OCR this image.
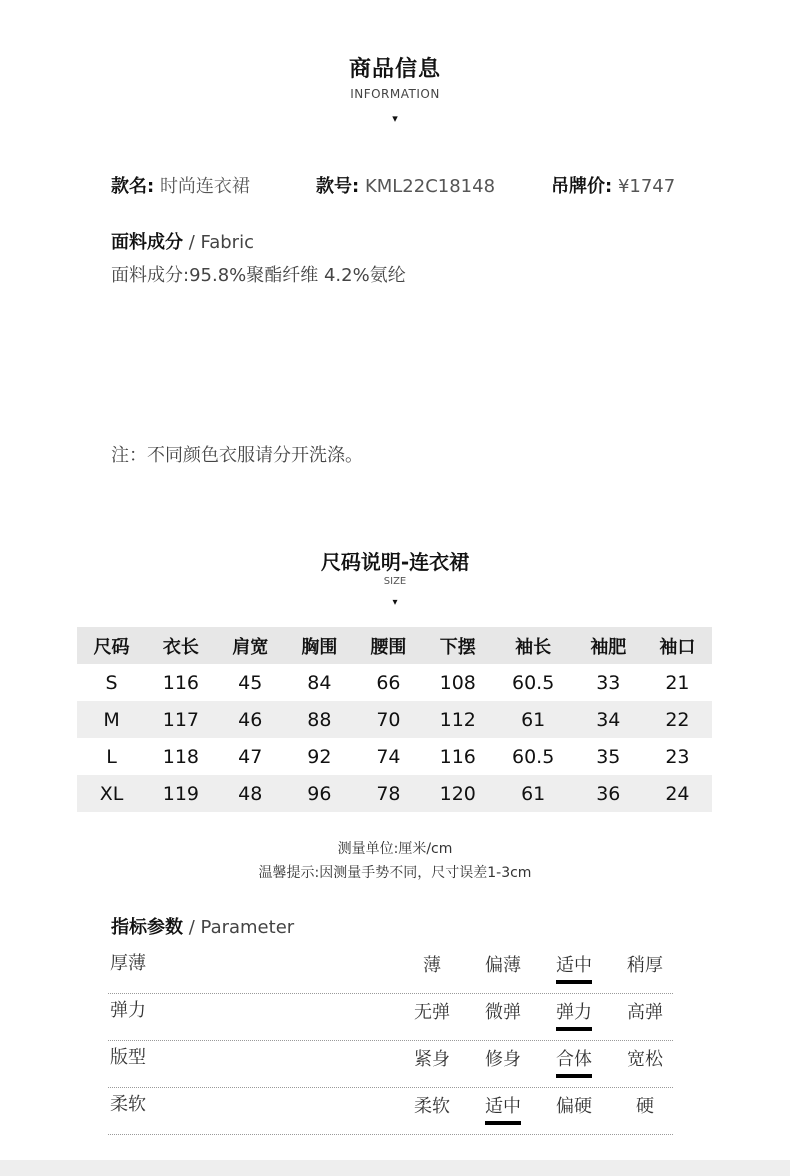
商品信息
INFORMATION
▾
款名: 时尚连衣裙	款号: KML22C18148	吊牌价: ¥1747
面料成分 / Fabric
面料成分:95.8%聚酯纤维 4.2%氨纶
注：不同颜色衣服请分开洗涤。
尺码说明-连衣裙
SIZE
▾
尺码	衣长	肩宽	胸围	腰围	下摆	袖长	袖肥	袖口
S	116	45	84	66	108	60.5	33	21
M	117	46	88	70	112	61	34	22
L	118	47	92	74	116	60.5	35	23
XL	119	48	96	78	120	61	36	24
测量单位:厘米/cm
温馨提示:因测量手势不同，尺寸误差1-3cm
指标参数 / Parameter
厚薄	薄	偏薄	适中	稍厚
弹力	无弹	微弹	弹力	高弹
版型	紧身	修身	合体	宽松
柔软	柔软	适中	偏硬	硬
